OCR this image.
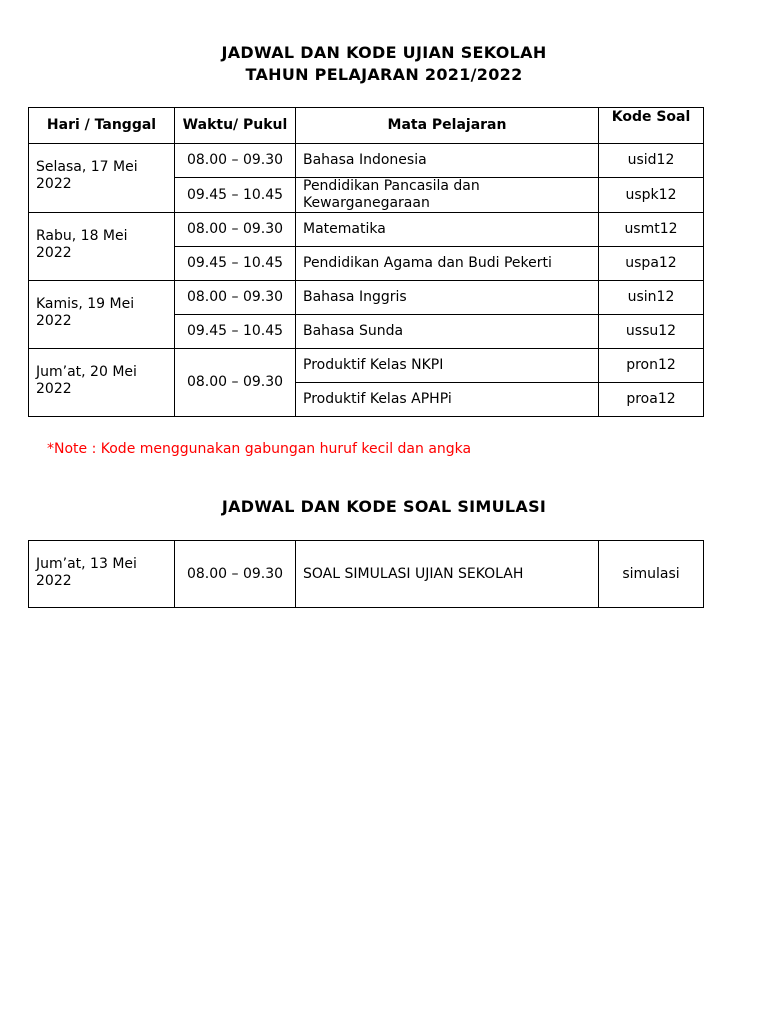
JADWAL DAN KODE UJIAN SEKOLAH
TAHUN PELAJARAN 2021/2022
Hari / Tanggal	Waktu/ Pukul	Mata Pelajaran	Kode Soal
Selasa, 17 Mei 2022	08.00 – 09.30	Bahasa Indonesia	usid12
	09.45 – 10.45	Pendidikan Pancasila dan Kewarganegaraan	uspk12
Rabu, 18 Mei 2022	08.00 – 09.30	Matematika	usmt12
	09.45 – 10.45	Pendidikan Agama dan Budi Pekerti	uspa12
Kamis, 19 Mei 2022	08.00 – 09.30	Bahasa Inggris	usin12
	09.45 – 10.45	Bahasa Sunda	ussu12
Jum’at, 20 Mei 2022	08.00 – 09.30	Produktif Kelas NKPI	pron12
		Produktif Kelas APHPi	proa12
*Note : Kode menggunakan gabungan huruf kecil dan angka
JADWAL DAN KODE SOAL SIMULASI
Jum’at, 13 Mei 2022	08.00 – 09.30	SOAL SIMULASI UJIAN SEKOLAH	simulasi
